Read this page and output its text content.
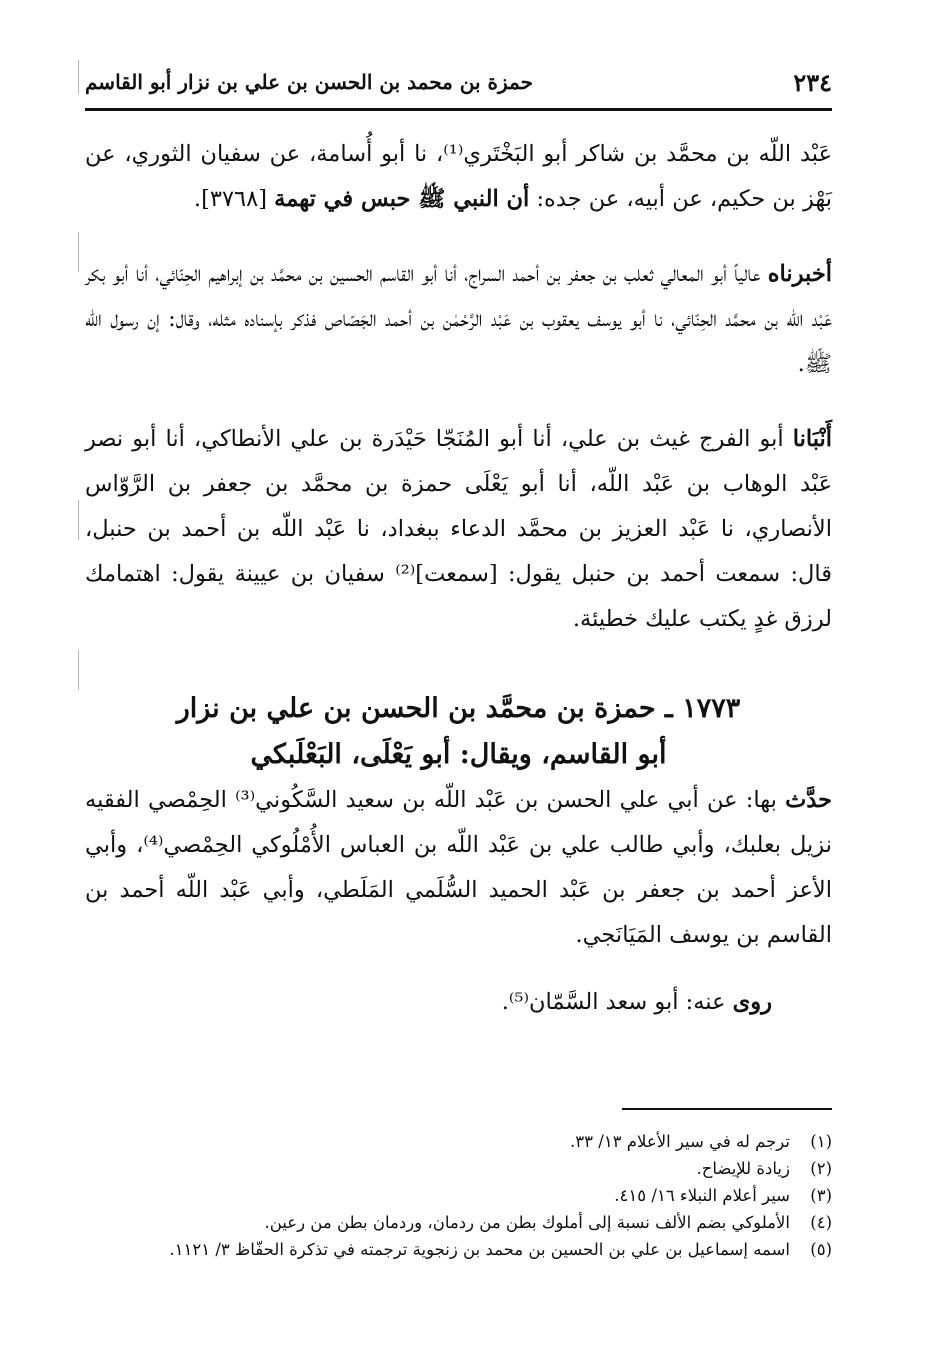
٢٣٤
حمزة بن محمد بن الحسن بن علي بن نزار أبو القاسم

عَبْد اللّه بن محمَّد بن شاكر أبو البَخْتَري⁽¹⁾، نا أبو أُسامة، عن سفيان الثوري، عن بَهْز بن حكيم، عن أبيه، عن جده: أن النبي ﷺ حبس في تهمة [٣٧٦٨].

أخبرناه عالياً أبو المعالي ثعلب بن جعفر بن أحمد السراج، أنا أبو القاسم الحسين بن محمَّد بن إبراهيم الحِنّائي، أنا أبو بكر عَبْد اللّه بن محمَّد الحِنّائي، نا أبو يوسف يعقوب بن عَبْد الرَّحْمٰن بن أحمد الجَصّاص فذكر بإسناده مثله، وقال: إن رسول الله ﷺ.

أَنْبَانا أبو الفرج غيث بن علي، أنا أبو المُنَجّا حَيْدَرة بن علي الأنطاكي، أنا أبو نصر عَبْد الوهاب بن عَبْد اللّه، أنا أبو يَعْلَى حمزة بن محمَّد بن جعفر بن الرَّوّاس الأنصاري، نا عَبْد العزيز بن محمَّد الدعاء ببغداد، نا عَبْد اللّه بن أحمد بن حنبل، قال: سمعت أحمد بن حنبل يقول: [سمعت]⁽²⁾ سفيان بن عيينة يقول: اهتمامك لرزق غدٍ يكتب عليك خطيئة.

١٧٧٣ ـ حمزة بن محمَّد بن الحسن بن علي بن نزار

أبو القاسم، ويقال: أبو يَعْلَى، البَعْلَبكي

حدَّث بها: عن أبي علي الحسن بن عَبْد اللّه بن سعيد السَّكُوني⁽³⁾ الحِمْصي الفقيه نزيل بعلبك، وأبي طالب علي بن عَبْد اللّه بن العباس الأُمْلُوكي الحِمْصي⁽⁴⁾، وأبي الأعز أحمد بن جعفر بن عَبْد الحميد السُّلَمي المَلَطي، وأبي عَبْد اللّه أحمد بن القاسم بن يوسف المَيَانَجي.

روى عنه: أبو سعد السَّمّان⁽⁵⁾.

(١)ترجم له في سير الأعلام ١٣/ ٣٣.
(٢)زيادة للإيضاح.
(٣)سير أعلام النبلاء ١٦/ ٤١٥.
(٤)الأملوكي بضم الألف نسبة إلى أملوك بطن من ردمان، وردمان بطن من رعين.
(٥)اسمه إسماعيل بن علي بن الحسين بن محمد بن زنجوية ترجمته في تذكرة الحفّاظ ٣/ ١١٢١.
